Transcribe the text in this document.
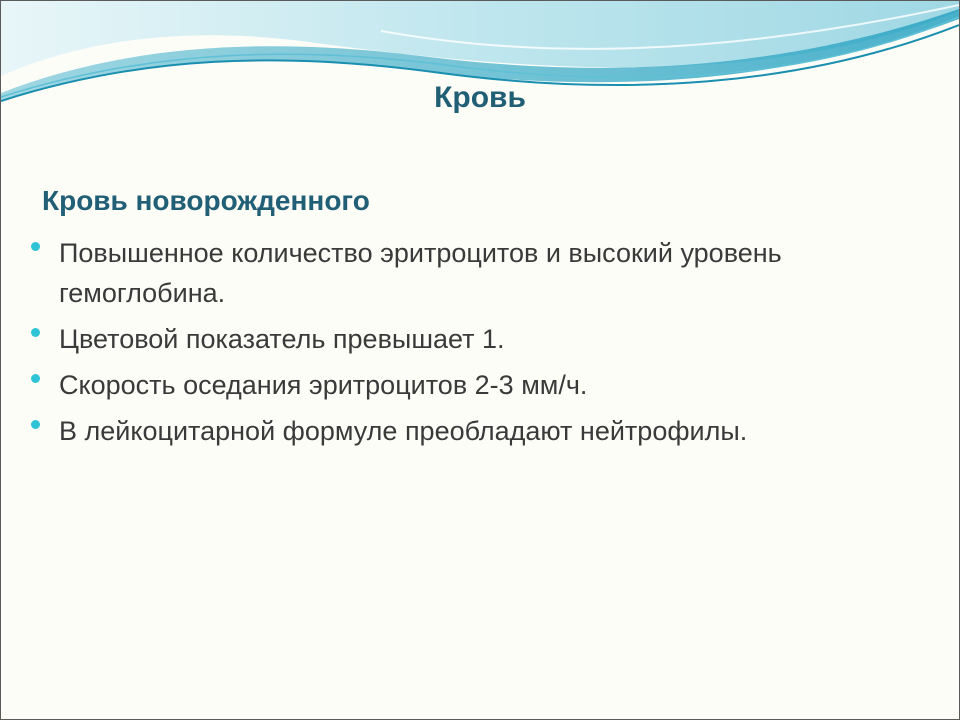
Кровь
Кровь новорожденного
Повышенное количество эритроцитов и высокий уровень гемоглобина.
Цветовой показатель превышает 1.
Скорость оседания эритроцитов 2-3 мм/ч.
В лейкоцитарной формуле преобладают нейтрофилы.
